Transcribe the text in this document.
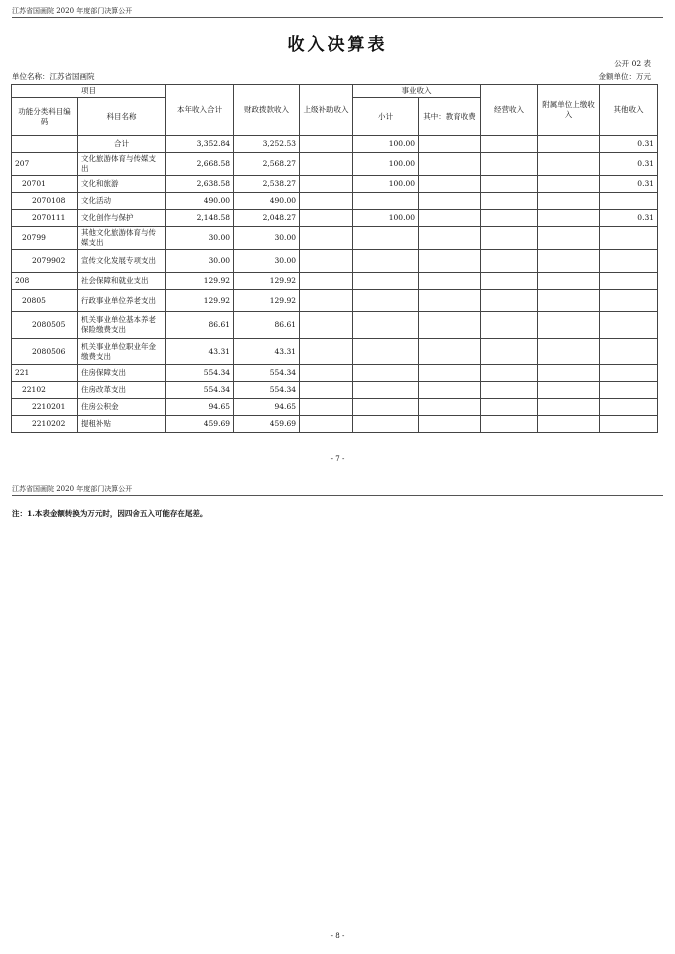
江苏省国画院 2020 年度部门决算公开
收入决算表
公开 02 表
单位名称：江苏省国画院	金额单位：万元
项目		本年收入合计	财政拨款收入	上级补助收入	事业收入		经营收入	附属单位上缴收入	其他收入
功能分类科目编码	科目名称				小计	其中：教育收费			
	合计	3,352.84	3,252.53		100.00				0.31
207	文化旅游体育与传媒支出	2,668.58	2,568.27		100.00				0.31
20701	文化和旅游	2,638.58	2,538.27		100.00				0.31
2070108	文化活动	490.00	490.00						
2070111	文化创作与保护	2,148.58	2,048.27		100.00				0.31
20799	其他文化旅游体育与传媒支出	30.00	30.00						
2079902	宣传文化发展专项支出	30.00	30.00						
208	社会保障和就业支出	129.92	129.92						
20805	行政事业单位养老支出	129.92	129.92						
2080505	机关事业单位基本养老保险缴费支出	86.61	86.61						
2080506	机关事业单位职业年金缴费支出	43.31	43.31						
221	住房保障支出	554.34	554.34						
22102	住房改革支出	554.34	554.34						
2210201	住房公积金	94.65	94.65						
2210202	提租补贴	459.69	459.69						
- 7 -
江苏省国画院 2020 年度部门决算公开
注：1.本表金额转换为万元时，因四舍五入可能存在尾差。
- 8 -
